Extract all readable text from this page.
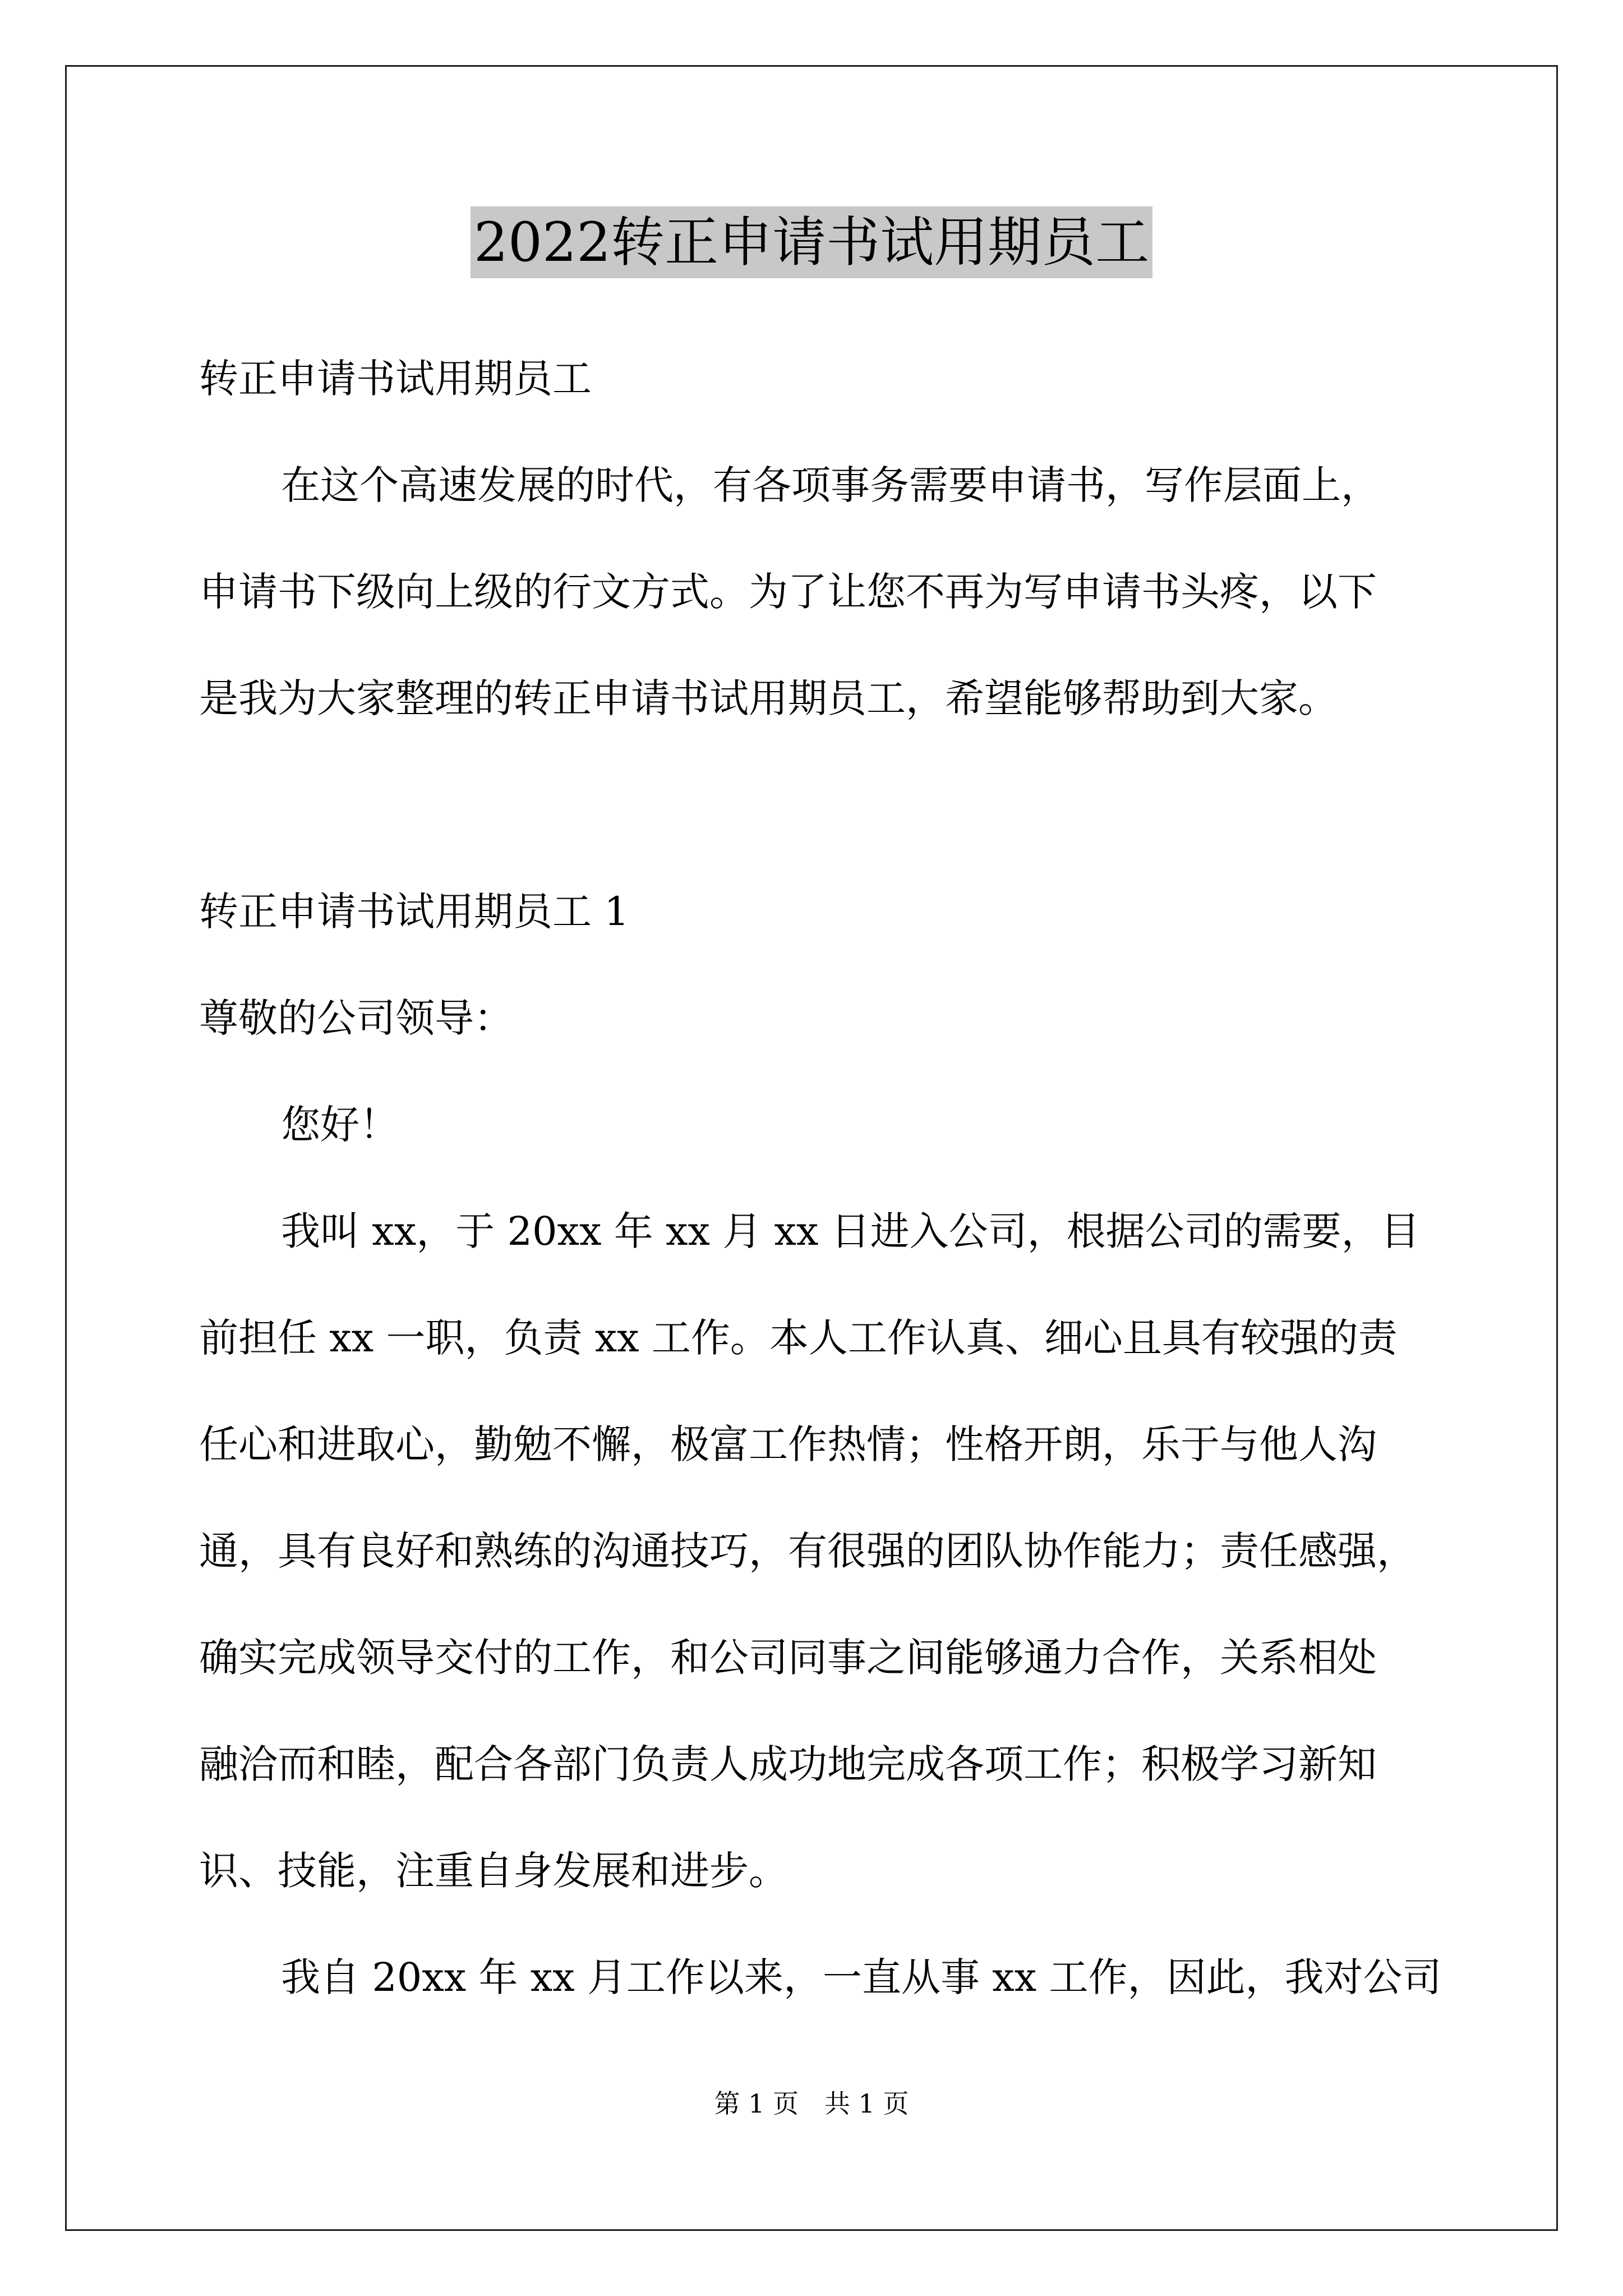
2022转正申请书试用期员工
转正申请书试用期员工
在这个高速发展的时代，有各项事务需要申请书，写作层面上，
申请书下级向上级的行文方式。为了让您不再为写申请书头疼，以下
是我为大家整理的转正申请书试用期员工，希望能够帮助到大家。
转正申请书试用期员工 1
尊敬的公司领导：
您好！
我叫 xx，于 20xx 年 xx 月 xx 日进入公司，根据公司的需要，目
前担任 xx 一职，负责 xx 工作。本人工作认真、细心且具有较强的责
任心和进取心，勤勉不懈，极富工作热情；性格开朗，乐于与他人沟
通，具有良好和熟练的沟通技巧，有很强的团队协作能力；责任感强，
确实完成领导交付的工作，和公司同事之间能够通力合作，关系相处
融洽而和睦，配合各部门负责人成功地完成各项工作；积极学习新知
识、技能，注重自身发展和进步。
我自 20xx 年 xx 月工作以来，一直从事 xx 工作，因此，我对公司
第 1 页　共 1 页
